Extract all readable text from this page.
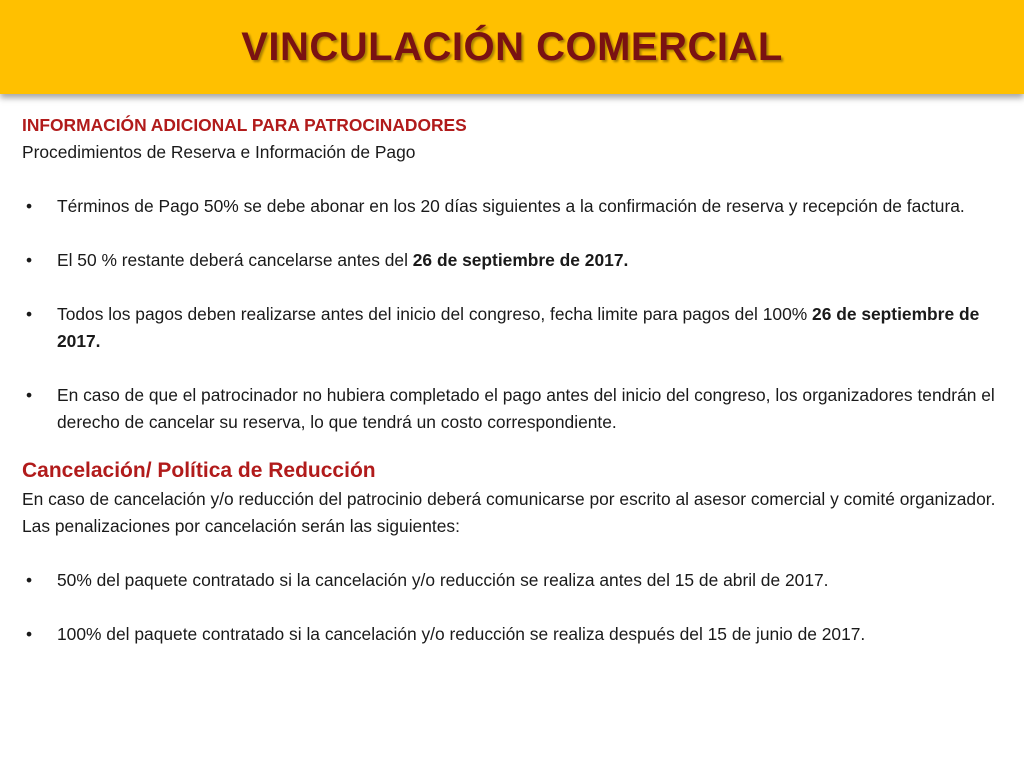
VINCULACIÓN COMERCIAL
INFORMACIÓN ADICIONAL PARA PATROCINADORES
Procedimientos de Reserva e Información de Pago
• Términos de Pago 50% se debe abonar en los 20 días siguientes a la confirmación de reserva y recepción de factura.
• El 50 % restante deberá cancelarse antes del 26 de septiembre de 2017.
• Todos los pagos deben realizarse antes del inicio del congreso, fecha limite para pagos del 100% 26 de septiembre de 2017.
• En caso de que el patrocinador no hubiera completado el pago antes del inicio del congreso, los organizadores tendrán el derecho de cancelar su reserva, lo que tendrá un costo correspondiente.
Cancelación/ Política de Reducción
En caso de cancelación y/o reducción del patrocinio deberá comunicarse por escrito al asesor comercial y comité organizador. Las penalizaciones por cancelación serán las siguientes:
• 50% del paquete contratado si la cancelación y/o reducción se realiza antes del 15 de abril de 2017.
• 100% del paquete contratado si la cancelación y/o reducción se realiza después del 15 de junio de 2017.
